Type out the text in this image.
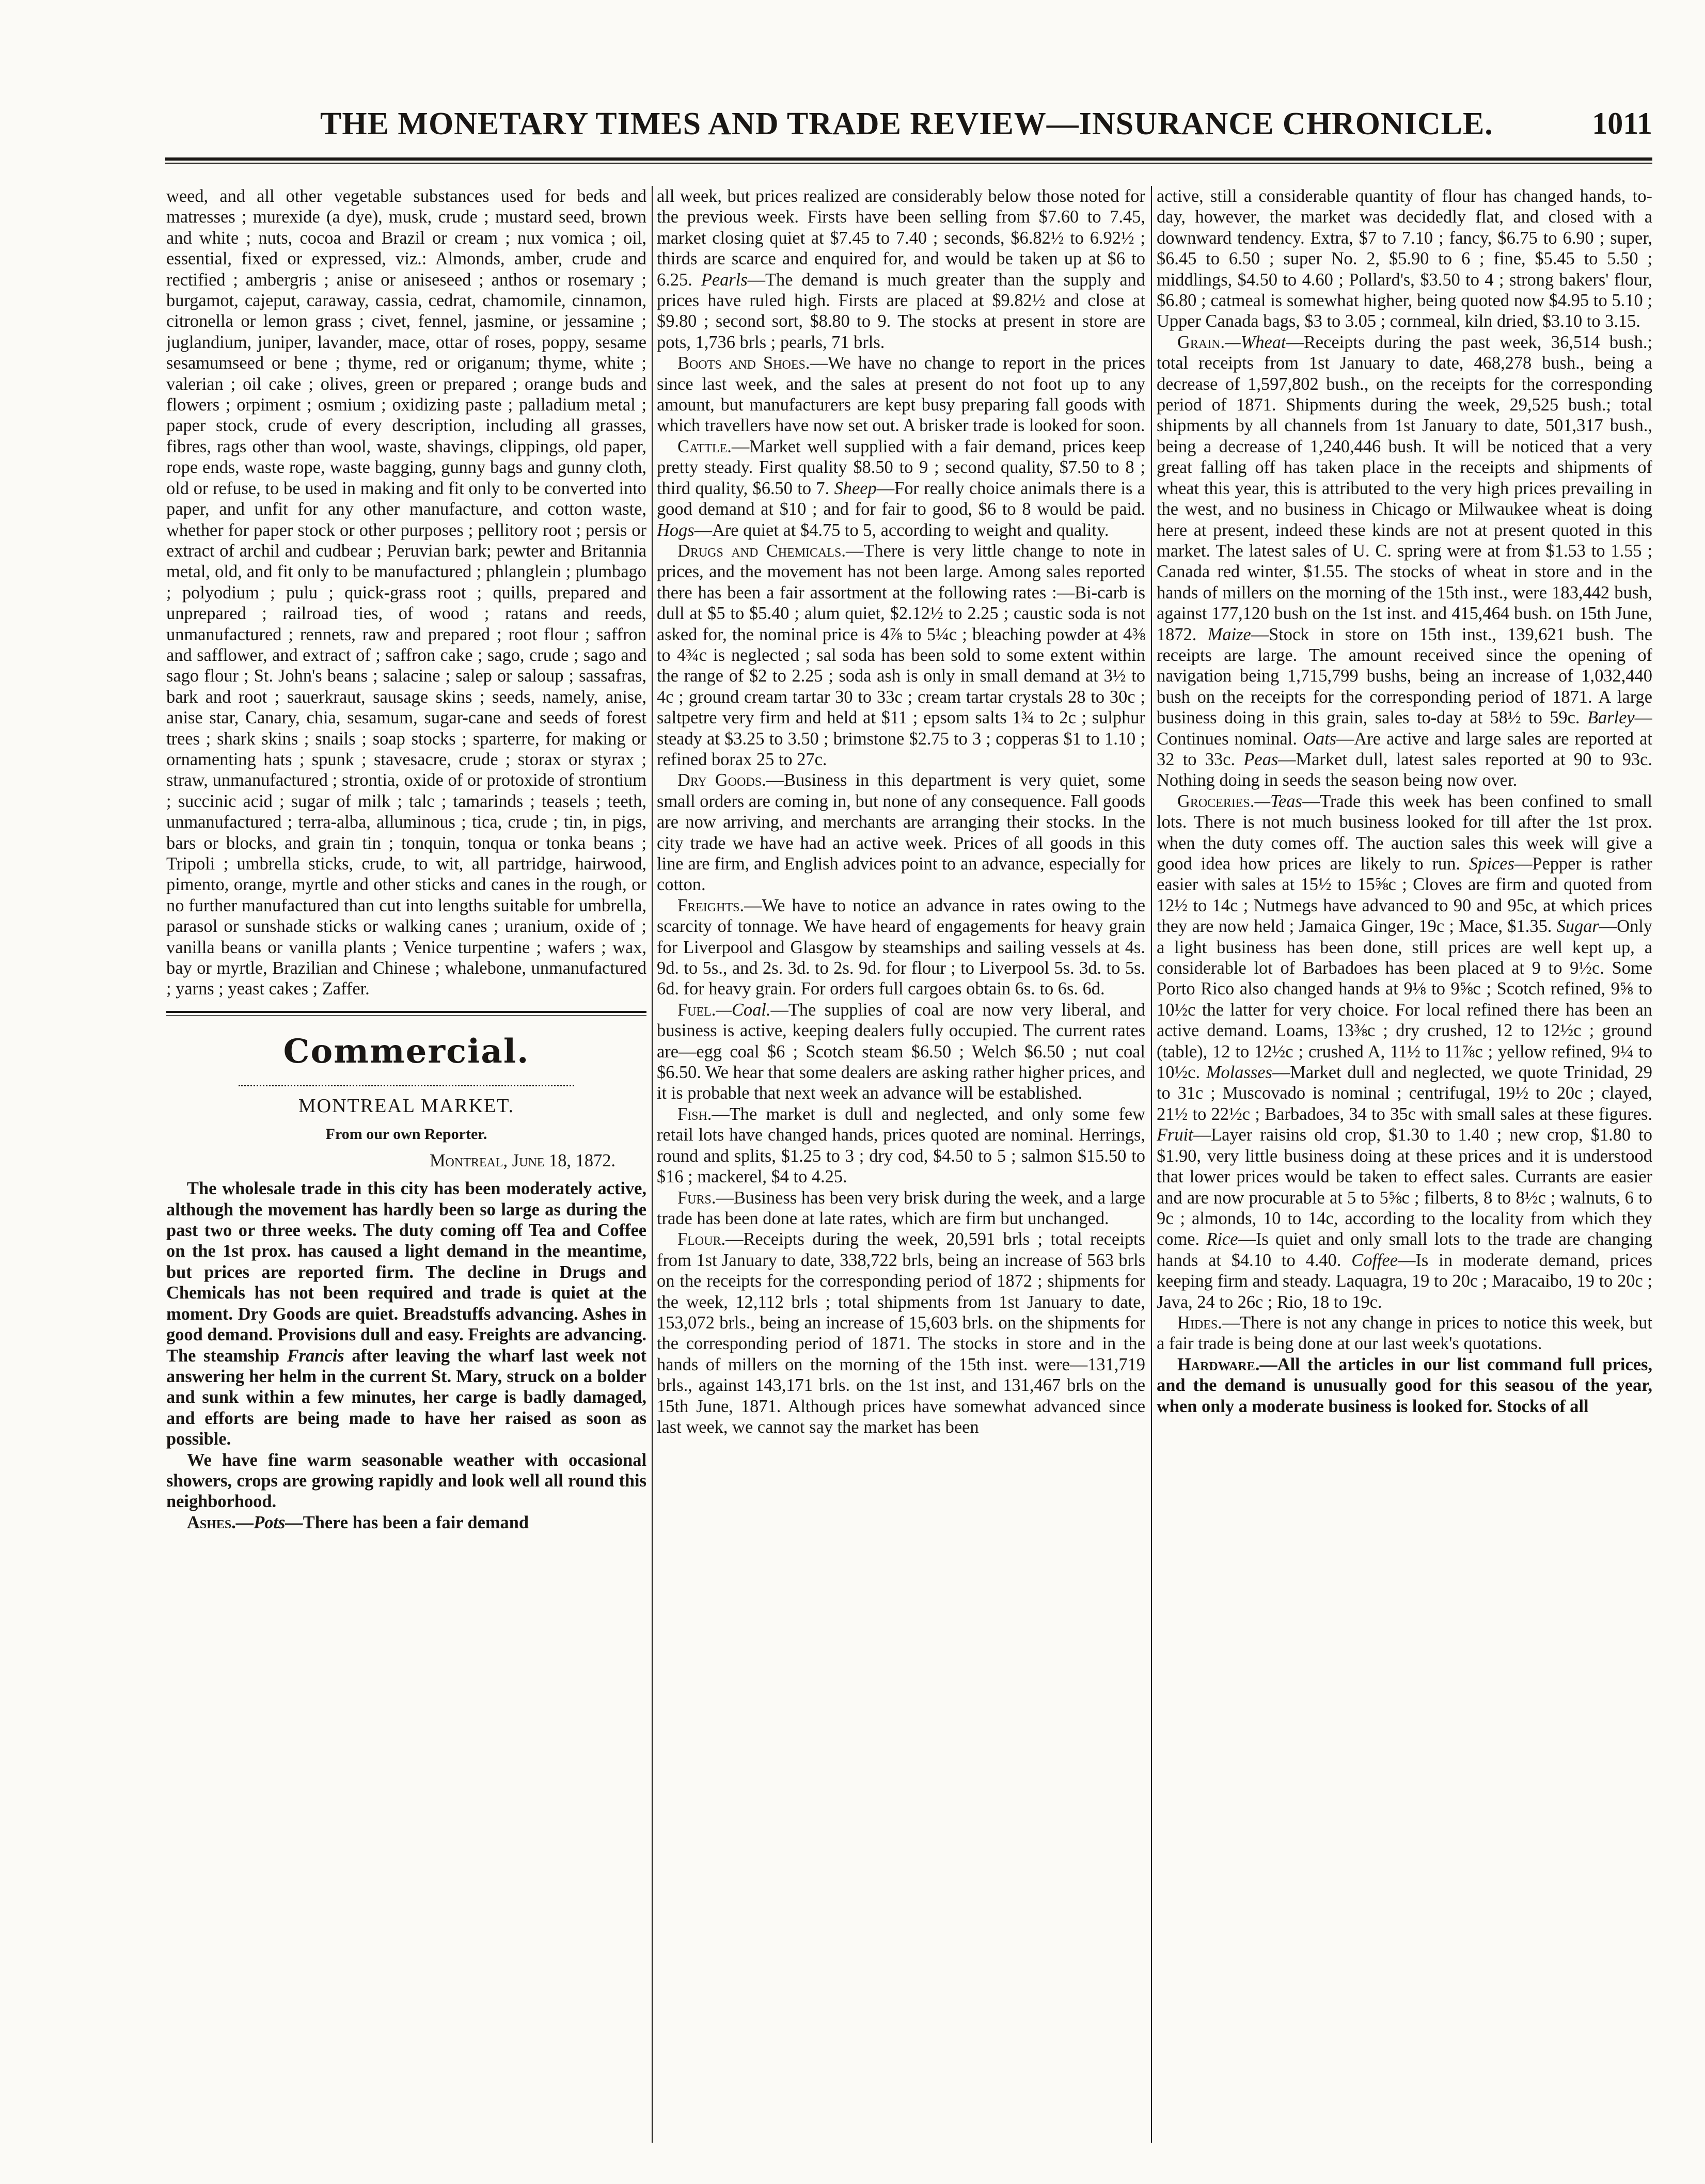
THE MONETARY TIMES AND TRADE REVIEW—INSURANCE CHRONICLE.	1011

weed, and all other vegetable substances used for beds and matresses ; murexide (a dye), musk, crude ; mustard seed, brown and white ; nuts, cocoa and Brazil or cream ; nux vomica ; oil, essential, fixed or expressed, viz.: Almonds, amber, crude and rectified ; ambergris ; anise or aniseseed ; anthos or rosemary ; burgamot, cajeput, caraway, cassia, cedrat, chamomile, cinnamon, citronella or lemon grass ; civet, fennel, jasmine, or jessamine ; juglandium, juniper, lavander, mace, ottar of roses, poppy, sesame sesamumseed or bene ; thyme, red or origanum; thyme, white ; valerian ; oil cake ; olives, green or prepared ; orange buds and flowers ; orpiment ; osmium ; oxidizing paste ; palladium metal ; paper stock, crude of every description, including all grasses, fibres, rags other than wool, waste, shavings, clippings, old paper, rope ends, waste rope, waste bagging, gunny bags and gunny cloth, old or refuse, to be used in making and fit only to be converted into paper, and unfit for any other manufacture, and cotton waste, whether for paper stock or other purposes ; pellitory root ; persis or extract of archil and cudbear ; Peruvian bark; pewter and Britannia metal, old, and fit only to be manufactured ; phlanglein ; plumbago ; polyodium ; pulu ; quick-grass root ; quills, prepared and unprepared ; railroad ties, of wood ; ratans and reeds, unmanufactured ; rennets, raw and prepared ; root flour ; saffron and safflower, and extract of ; saffron cake ; sago, crude ; sago and sago flour ; St. John's beans ; salacine ; salep or saloup ; sassafras, bark and root ; sauerkraut, sausage skins ; seeds, namely, anise, anise star, Canary, chia, sesamum, sugar-cane and seeds of forest trees ; shark skins ; snails ; soap stocks ; sparterre, for making or ornamenting hats ; spunk ; stavesacre, crude ; storax or styrax ; straw, unmanufactured ; strontia, oxide of or protoxide of strontium ; succinic acid ; sugar of milk ; talc ; tamarinds ; teasels ; teeth, unmanufactured ; terra-alba, alluminous ; tica, crude ; tin, in pigs, bars or blocks, and grain tin ; tonquin, tonqua or tonka beans ; Tripoli ; umbrella sticks, crude, to wit, all partridge, hairwood, pimento, orange, myrtle and other sticks and canes in the rough, or no further manufactured than cut into lengths suitable for umbrella, parasol or sunshade sticks or walking canes ; uranium, oxide of ; vanilla beans or vanilla plants ; Venice turpentine ; wafers ; wax, bay or myrtle, Brazilian and Chinese ; whalebone, unmanufactured ; yarns ; yeast cakes ; Zaffer.

Commercial.
MONTREAL MARKET.
From our own Reporter.
Montreal, June 18, 1872.

The wholesale trade in this city has been moderately active, although the movement has hardly been so large as during the past two or three weeks. The duty coming off Tea and Coffee on the 1st prox. has caused a light demand in the meantime, but prices are reported firm. The decline in Drugs and Chemicals has not been required and trade is quiet at the moment. Dry Goods are quiet. Breadstuffs advancing. Ashes in good demand. Provisions dull and easy. Freights are advancing. The steamship Francis after leaving the wharf last week not answering her helm in the current St. Mary, struck on a bolder and sunk within a few minutes, her carge is badly damaged, and efforts are being made to have her raised as soon as possible.

We have fine warm seasonable weather with occasional showers, crops are growing rapidly and look well all round this neighborhood.

Ashes.—Pots—There has been a fair demand

all week, but prices realized are considerably below those noted for the previous week. Firsts have been selling from $7.60 to 7.45, market closing quiet at $7.45 to 7.40 ; seconds, $6.82½ to 6.92½ ; thirds are scarce and enquired for, and would be taken up at $6 to 6.25. Pearls—The demand is much greater than the supply and prices have ruled high. Firsts are placed at $9.82½ and close at $9.80 ; second sort, $8.80 to 9. The stocks at present in store are pots, 1,736 brls ; pearls, 71 brls.

Boots and Shoes.—We have no change to report in the prices since last week, and the sales at present do not foot up to any amount, but manufacturers are kept busy preparing fall goods with which travellers have now set out. A brisker trade is looked for soon.

Cattle.—Market well supplied with a fair demand, prices keep pretty steady. First quality $8.50 to 9 ; second quality, $7.50 to 8 ; third quality, $6.50 to 7. Sheep—For really choice animals there is a good demand at $10 ; and for fair to good, $6 to 8 would be paid. Hogs—Are quiet at $4.75 to 5, according to weight and quality.

Drugs and Chemicals.—There is very little change to note in prices, and the movement has not been large. Among sales reported there has been a fair assortment at the following rates :—Bi-carb is dull at $5 to $5.40 ; alum quiet, $2.12½ to 2.25 ; caustic soda is not asked for, the nominal price is 4⅞ to 5¼c ; bleaching powder at 4⅜ to 4¾c is neglected ; sal soda has been sold to some extent within the range of $2 to 2.25 ; soda ash is only in small demand at 3½ to 4c ; ground cream tartar 30 to 33c ; cream tartar crystals 28 to 30c ; saltpetre very firm and held at $11 ; epsom salts 1¾ to 2c ; sulphur steady at $3.25 to 3.50 ; brimstone $2.75 to 3 ; copperas $1 to 1.10 ; refined borax 25 to 27c.

Dry Goods.—Business in this department is very quiet, some small orders are coming in, but none of any consequence. Fall goods are now arriving, and merchants are arranging their stocks. In the city trade we have had an active week. Prices of all goods in this line are firm, and English advices point to an advance, especially for cotton.

Freights.—We have to notice an advance in rates owing to the scarcity of tonnage. We have heard of engagements for heavy grain for Liverpool and Glasgow by steamships and sailing vessels at 4s. 9d. to 5s., and 2s. 3d. to 2s. 9d. for flour ; to Liverpool 5s. 3d. to 5s. 6d. for heavy grain. For orders full cargoes obtain 6s. to 6s. 6d.

Fuel.—Coal.—The supplies of coal are now very liberal, and business is active, keeping dealers fully occupied. The current rates are—egg coal $6 ; Scotch steam $6.50 ; Welch $6.50 ; nut coal $6.50. We hear that some dealers are asking rather higher prices, and it is probable that next week an advance will be established.

Fish.—The market is dull and neglected, and only some few retail lots have changed hands, prices quoted are nominal. Herrings, round and splits, $1.25 to 3 ; dry cod, $4.50 to 5 ; salmon $15.50 to $16 ; mackerel, $4 to 4.25.

Furs.—Business has been very brisk during the week, and a large trade has been done at late rates, which are firm but unchanged.

Flour.—Receipts during the week, 20,591 brls ; total receipts from 1st January to date, 338,722 brls, being an increase of 563 brls on the receipts for the corresponding period of 1872 ; shipments for the week, 12,112 brls ; total shipments from 1st January to date, 153,072 brls., being an increase of 15,603 brls. on the shipments for the corresponding period of 1871. The stocks in store and in the hands of millers on the morning of the 15th inst. were—131,719 brls., against 143,171 brls. on the 1st inst, and 131,467 brls on the 15th June, 1871. Although prices have somewhat advanced since last week, we cannot say the market has been

active, still a considerable quantity of flour has changed hands, to-day, however, the market was decidedly flat, and closed with a downward tendency. Extra, $7 to 7.10 ; fancy, $6.75 to 6.90 ; super, $6.45 to 6.50 ; super No. 2, $5.90 to 6 ; fine, $5.45 to 5.50 ; middlings, $4.50 to 4.60 ; Pollard's, $3.50 to 4 ; strong bakers' flour, $6.80 ; catmeal is somewhat higher, being quoted now $4.95 to 5.10 ; Upper Canada bags, $3 to 3.05 ; cornmeal, kiln dried, $3.10 to 3.15.

Grain.—Wheat—Receipts during the past week, 36,514 bush.; total receipts from 1st January to date, 468,278 bush., being a decrease of 1,597,802 bush., on the receipts for the corresponding period of 1871. Shipments during the week, 29,525 bush.; total shipments by all channels from 1st January to date, 501,317 bush., being a decrease of 1,240,446 bush. It will be noticed that a very great falling off has taken place in the receipts and shipments of wheat this year, this is attributed to the very high prices prevailing in the west, and no business in Chicago or Milwaukee wheat is doing here at present, indeed these kinds are not at present quoted in this market. The latest sales of U. C. spring were at from $1.53 to 1.55 ; Canada red winter, $1.55. The stocks of wheat in store and in the hands of millers on the morning of the 15th inst., were 183,442 bush, against 177,120 bush on the 1st inst. and 415,464 bush. on 15th June, 1872. Maize—Stock in store on 15th inst., 139,621 bush. The receipts are large. The amount received since the opening of navigation being 1,715,799 bushs, being an increase of 1,032,440 bush on the receipts for the corresponding period of 1871. A large business doing in this grain, sales to-day at 58½ to 59c. Barley—Continues nominal. Oats—Are active and large sales are reported at 32 to 33c. Peas—Market dull, latest sales reported at 90 to 93c. Nothing doing in seeds the season being now over.

Groceries.—Teas—Trade this week has been confined to small lots. There is not much business looked for till after the 1st prox. when the duty comes off. The auction sales this week will give a good idea how prices are likely to run. Spices—Pepper is rather easier with sales at 15½ to 15⅝c ; Cloves are firm and quoted from 12½ to 14c ; Nutmegs have advanced to 90 and 95c, at which prices they are now held ; Jamaica Ginger, 19c ; Mace, $1.35. Sugar—Only a light business has been done, still prices are well kept up, a considerable lot of Barbadoes has been placed at 9 to 9½c. Some Porto Rico also changed hands at 9⅛ to 9⅝c ; Scotch refined, 9⅝ to 10½c the latter for very choice. For local refined there has been an active demand. Loams, 13⅜c ; dry crushed, 12 to 12½c ; ground (table), 12 to 12½c ; crushed A, 11½ to 11⅞c ; yellow refined, 9¼ to 10½c. Molasses—Market dull and neglected, we quote Trinidad, 29 to 31c ; Muscovado is nominal ; centrifugal, 19½ to 20c ; clayed, 21½ to 22½c ; Barbadoes, 34 to 35c with small sales at these figures. Fruit—Layer raisins old crop, $1.30 to 1.40 ; new crop, $1.80 to $1.90, very little business doing at these prices and it is understood that lower prices would be taken to effect sales. Currants are easier and are now procurable at 5 to 5⅝c ; filberts, 8 to 8½c ; walnuts, 6 to 9c ; almonds, 10 to 14c, according to the locality from which they come. Rice—Is quiet and only small lots to the trade are changing hands at $4.10 to 4.40. Coffee—Is in moderate demand, prices keeping firm and steady. Laquagra, 19 to 20c ; Maracaibo, 19 to 20c ; Java, 24 to 26c ; Rio, 18 to 19c.

Hides.—There is not any change in prices to notice this week, but a fair trade is being done at our last week's quotations.

Hardware.—All the articles in our list command full prices, and the demand is unusually good for this seasou of the year, when only a moderate business is looked for. Stocks of all
